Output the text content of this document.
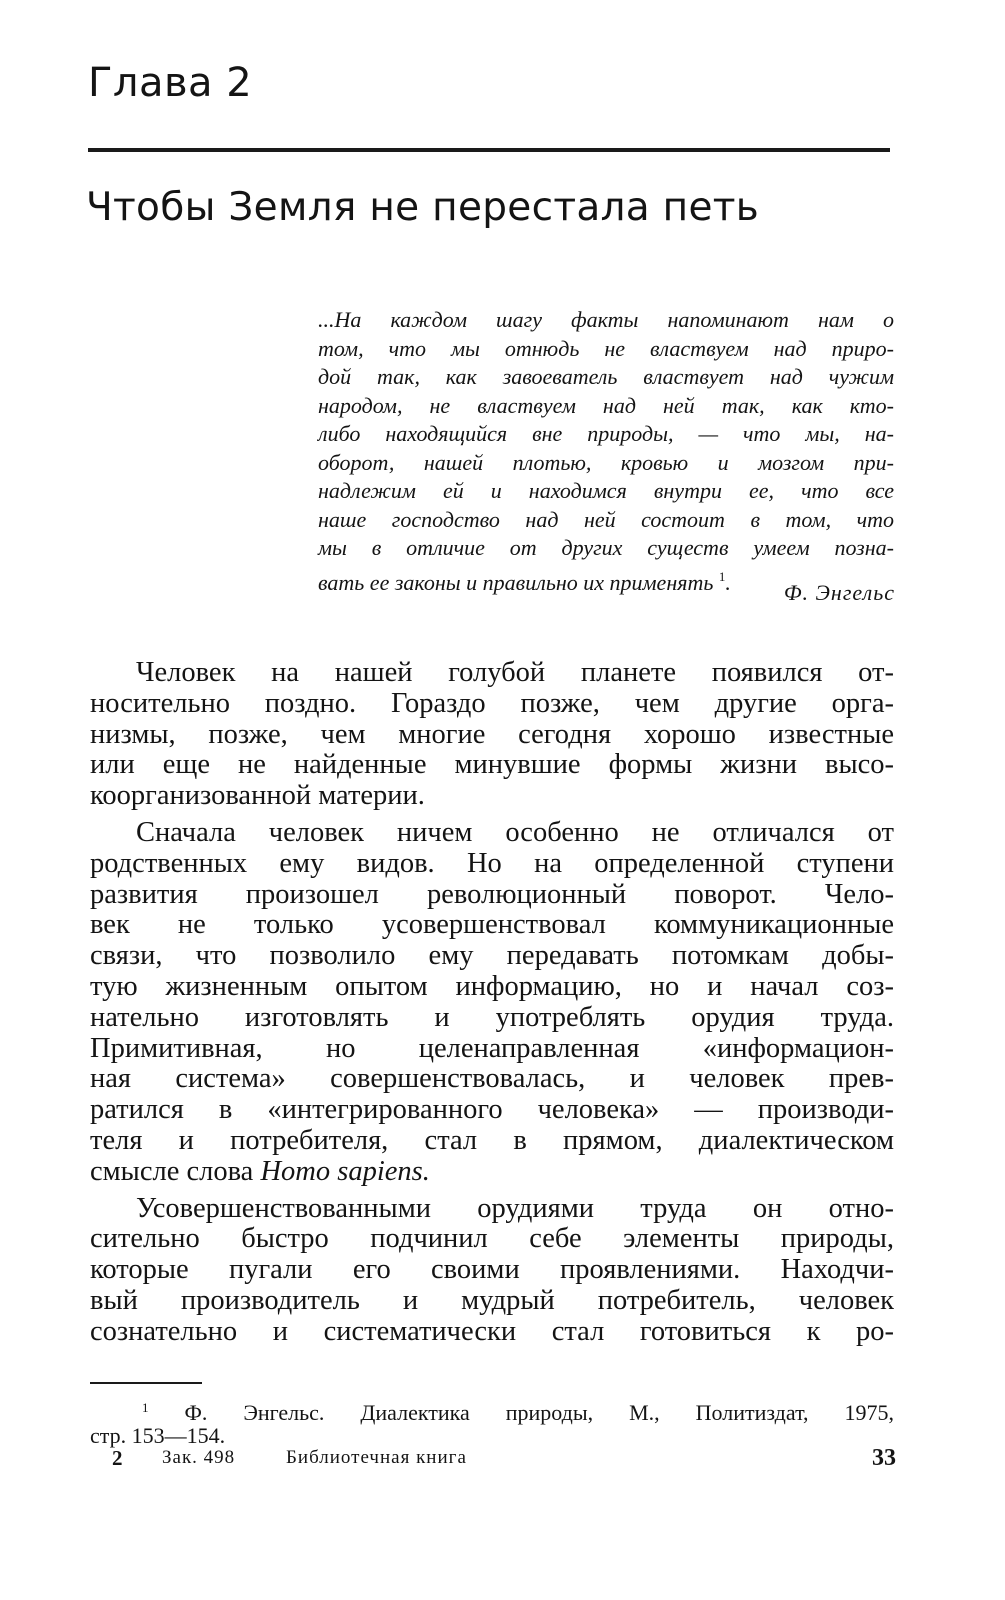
Глава 2
Чтобы Земля не перестала петь
...На каждом шагу факты напоминают нам о
том, что мы отнюдь не властвуем над приро-
дой так, как завоеватель властвует над чужим
народом, не властвуем над ней так, как кто-
либо находящийся вне природы, — что мы, на-
оборот, нашей плотью, кровью и мозгом при-
надлежим ей и находимся внутри ее, что все
наше господство над ней состоит в том, что
мы в отличие от других существ умеем позна-
вать ее законы и правильно их применять $^1$.	Ф. Энгельс
Человек на нашей голубой планете появился от-
носительно поздно. Гораздо позже, чем другие орга-
низмы, позже, чем многие сегодня хорошо известные
или еще не найденные минувшие формы жизни высо-
коорганизованной материи.
Сначала человек ничем особенно не отличался от
родственных ему видов. Но на определенной ступени
развития произошел революционный поворот. Чело-
век не только усовершенствовал коммуникационные
связи, что позволило ему передавать потомкам добы-
тую жизненным опытом информацию, но и начал соз-
нательно изготовлять и употреблять орудия труда.
Примитивная, но целенаправленная «информацион-
ная система» совершенствовалась, и человек прев-
ратился в «интегрированного человека» — производи-
теля и потребителя, стал в прямом, диалектическом
смысле слова Homo sapiens.
Усовершенствованными орудиями труда он отно-
сительно быстро подчинил себе элементы природы,
которые пугали его своими проявлениями. Находчи-
вый производитель и мудрый потребитель, человек
сознательно и систематически стал готовиться к ро-
$^1$ Ф. Энгельс. Диалектика природы, М., Политиздат, 1975,
стр. 153—154.
2 Зак. 498	Библиотечная книга	33
